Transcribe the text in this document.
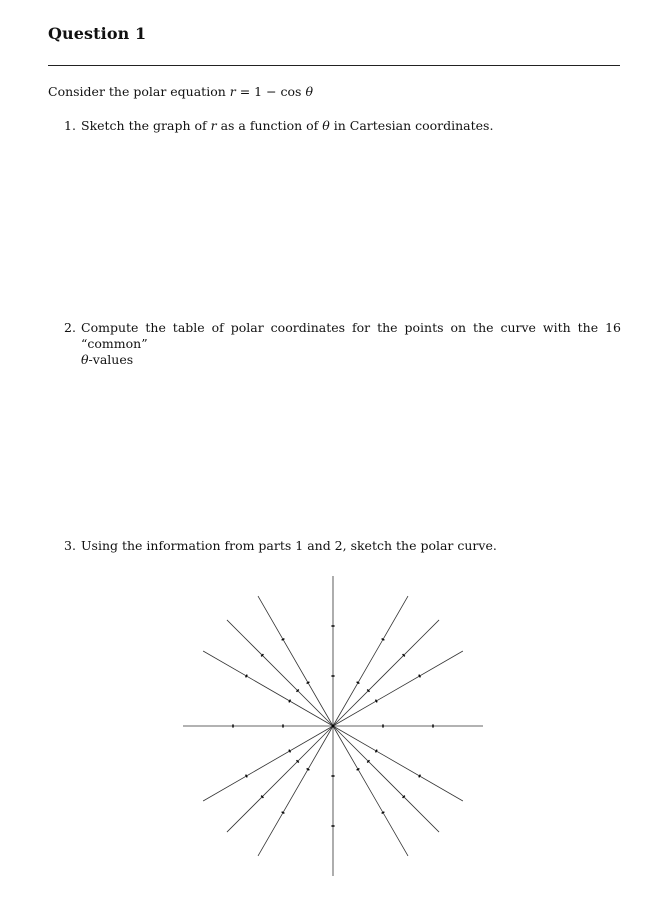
Question 1
Consider the polar equation r = 1 − cos θ
1. Sketch the graph of r as a function of θ in Cartesian coordinates.
2. Compute the table of polar coordinates for the points on the curve with the 16 “common”
θ-values
3. Using the information from parts 1 and 2, sketch the polar curve.
